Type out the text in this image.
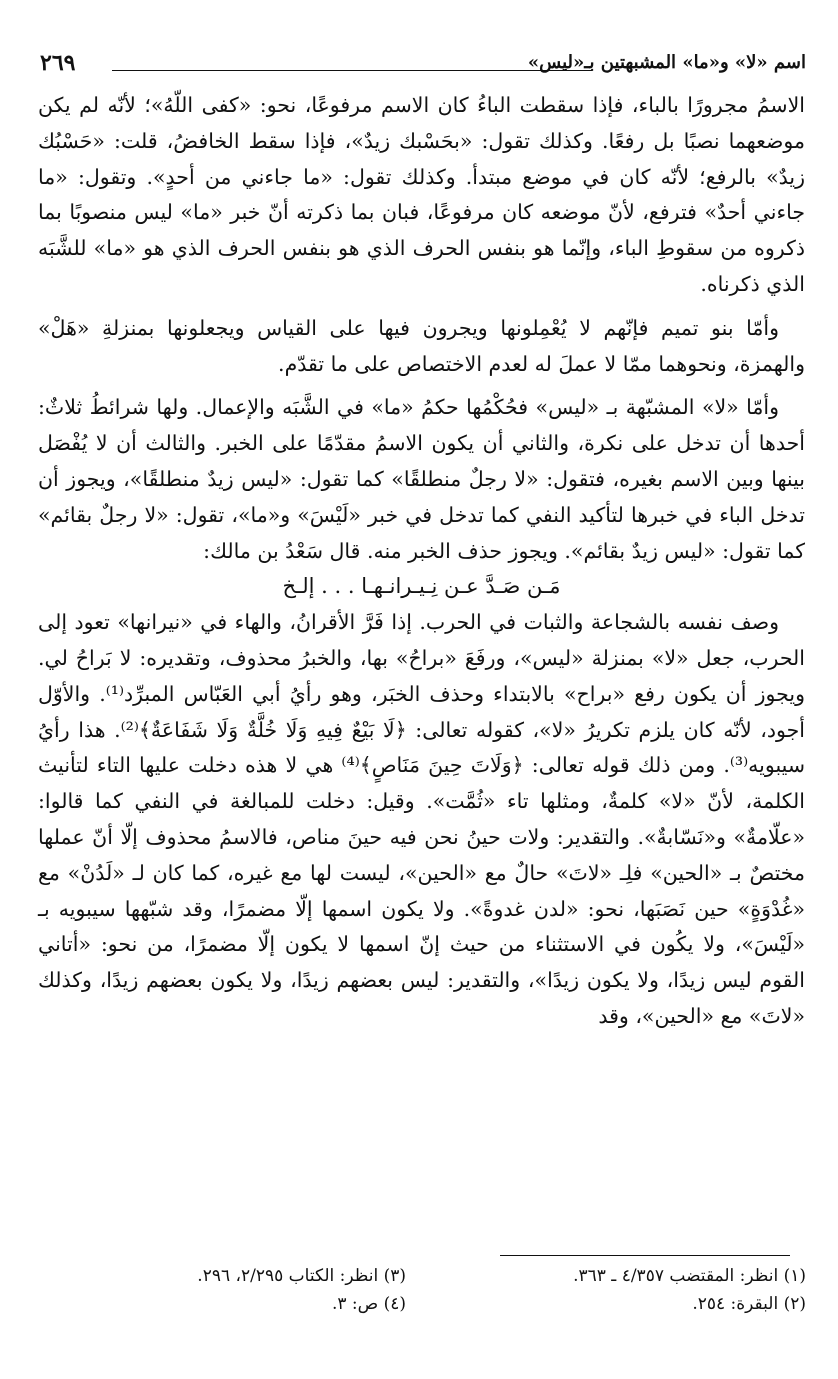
٢٦٩	اسم «لا» و«ما» المشبهتين بـ«ليس»

الاسمُ مجرورًا بالباء، فإذا سقطت الباءُ كان الاسم مرفوعًا، نحو: «كفى اللّهُ»؛ لأنّه لم يكن موضعهما نصبًا بل رفعًا. وكذلك تقول: «بحَسْبك زيدٌ»، فإذا سقط الخافضُ، قلت: «حَسْبُك زيدٌ» بالرفع؛ لأنّه كان في موضع مبتدأ. وكذلك تقول: «ما جاءني من أحدٍ». وتقول: «ما جاءني أحدٌ» فترفع، لأنّ موضعه كان مرفوعًا، فبان بما ذكرته أنّ خبر «ما» ليس منصوبًا بما ذكروه من سقوطِ الباء، وإنّما هو بنفس الحرف الذي هو بنفس الحرف الذي هو «ما» للشَّبَه الذي ذكرناه.

وأمّا بنو تميم فإنّهم لا يُعْمِلونها ويجرون فيها على القياس ويجعلونها بمنزلةِ «هَلْ» والهمزة، ونحوهما ممّا لا عملَ له لعدم الاختصاص على ما تقدّم.

وأمّا «لا» المشبّهة بـ «ليس» فحُكْمُها حكمُ «ما» في الشَّبَه والإعمال. ولها شرائطُ ثلاثٌ: أحدها أن تدخل على نكرة، والثاني أن يكون الاسمُ مقدّمًا على الخبر. والثالث أن لا يُفْصَل بينها وبين الاسم بغيره، فتقول: «لا رجلٌ منطلقًا» كما تقول: «ليس زيدٌ منطلقًا»، ويجوز أن تدخل الباء في خبرها لتأكيد النفي كما تدخل في خبر «لَيْسَ» و«ما»، تقول: «لا رجلٌ بقائم» كما تقول: «ليس زيدٌ بقائم». ويجوز حذف الخبر منه. قال سَعْدُ بن مالك:

مَـن صَـدَّ عـن نِـيـرانـهـا . . . إلـخ

وصف نفسه بالشجاعة والثبات في الحرب. إذا فَرَّ الأقرانُ، والهاء في «نيرانها» تعود إلى الحرب، جعل «لا» بمنزلة «ليس»، ورفَعَ «براحُ» بها، والخبرُ محذوف، وتقديره: لا بَراحُ لي. ويجوز أن يكون رفع «براح» بالابتداء وحذف الخبَر، وهو رأيُ أبي العَبّاس المبرِّد⁽¹⁾. والأوّل أجود، لأنّه كان يلزم تكريرُ «لا»، كقوله تعالى: ﴿لَا بَيْعٌ فِيهِ وَلَا خُلَّةٌ وَلَا شَفَاعَةٌ﴾⁽²⁾. هذا رأيُ سيبويه⁽³⁾. ومن ذلك قوله تعالى: ﴿وَلَاتَ حِينَ مَنَاصٍ﴾⁽⁴⁾ هي لا هذه دخلت عليها التاء لتأنيث الكلمة، لأنّ «لا» كلمةٌ، ومثلها تاء «ثُمَّت». وقيل: دخلت للمبالغة في النفي كما قالوا: «علّامةٌ» و«نَسّابةٌ». والتقدير: ولات حينُ نحن فيه حينَ مناص، فالاسمُ محذوف إلّا أنّ عملها مختصٌ بـ «الحين» فلِـ «لاتَ» حالٌ مع «الحين»، ليست لها مع غيره، كما كان لـ «لَدُنْ» مع «غُدْوَةٍ» حين نَصَبَها، نحو: «لدن غدوةً». ولا يكون اسمها إلّا مضمرًا، وقد شبّهها سيبويه بـ «لَيْسَ»، ولا يكُون في الاستثناء من حيث إنّ اسمها لا يكون إلّا مضمرًا، من نحو: «أتاني القوم ليس زيدًا، ولا يكون زيدًا»، والتقدير: ليس بعضهم زيدًا، ولا يكون بعضهم زيدًا، وكذلك «لاتَ» مع «الحين»، وقد

(١) انظر: المقتضب ٤/٣٥٧ ـ ٣٦٣.
(٢) البقرة: ٢٥٤.
(٣) انظر: الكتاب ٢/٢٩٥، ٢٩٦.
(٤) ص: ٣.
